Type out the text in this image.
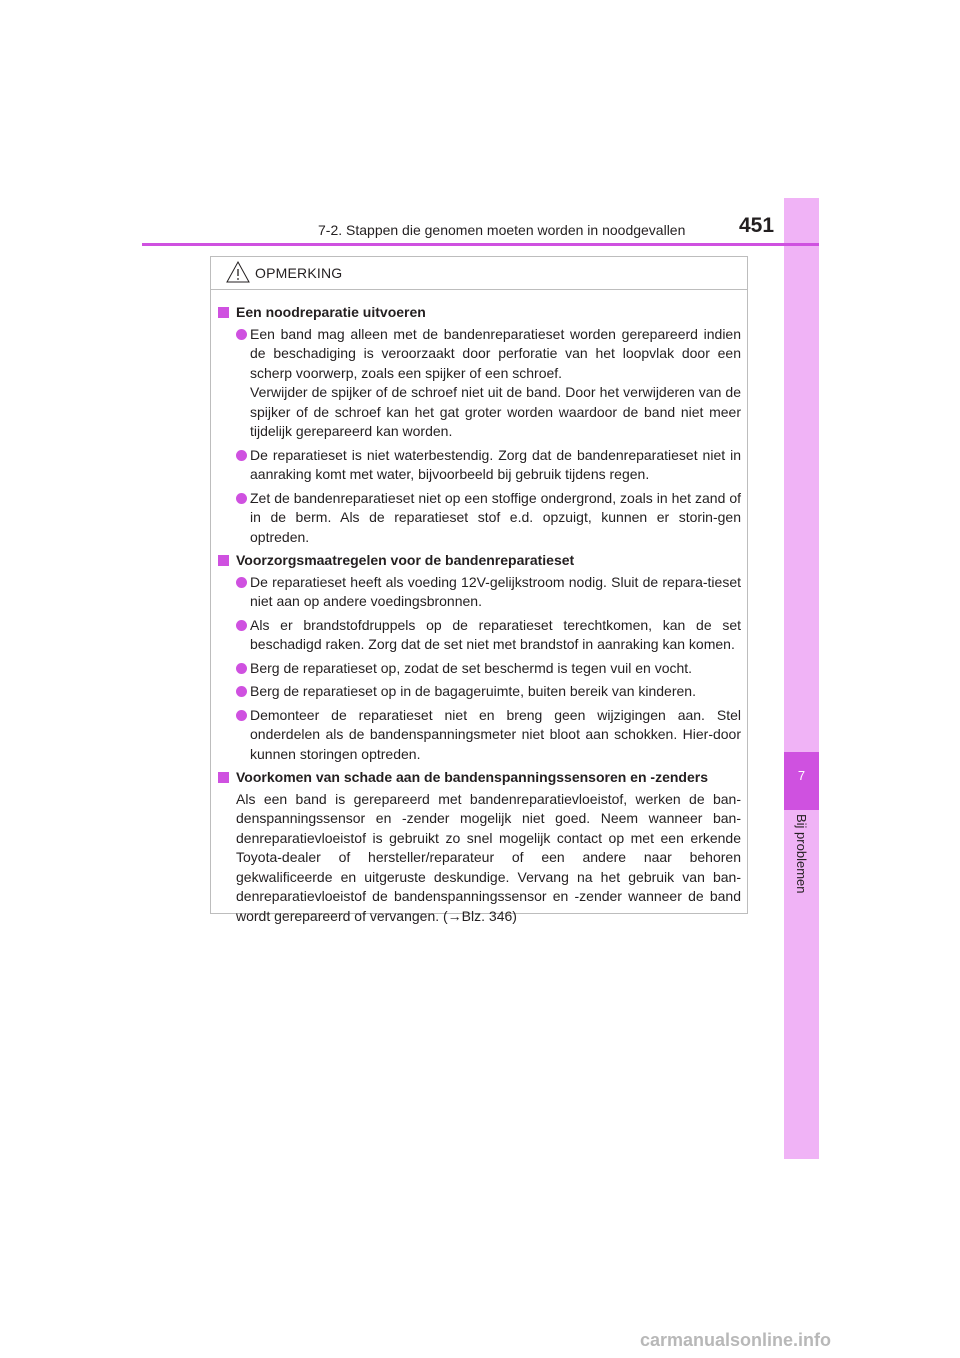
7
Bij problemen
7-2. Stappen die genomen moeten worden in noodgevallen	451
OPMERKING
Een noodreparatie uitvoeren
Een band mag alleen met de bandenreparatieset worden gerepareerd indien de beschadiging is veroorzaakt door perforatie van het loopvlak door een scherp voorwerp, zoals een spijker of een schroef.
Verwijder de spijker of de schroef niet uit de band. Door het verwijderen van de spijker of de schroef kan het gat groter worden waardoor de band niet meer tijdelijk gerepareerd kan worden.
De reparatieset is niet waterbestendig. Zorg dat de bandenreparatieset niet in aanraking komt met water, bijvoorbeeld bij gebruik tijdens regen.
Zet de bandenreparatieset niet op een stoffige ondergrond, zoals in het zand of in de berm. Als de reparatieset stof e.d. opzuigt, kunnen er storin-gen optreden.
Voorzorgsmaatregelen voor de bandenreparatieset
De reparatieset heeft als voeding 12V-gelijkstroom nodig. Sluit de repara-tieset niet aan op andere voedingsbronnen.
Als er brandstofdruppels op de reparatieset terechtkomen, kan de set beschadigd raken. Zorg dat de set niet met brandstof in aanraking kan komen.
Berg de reparatieset op, zodat de set beschermd is tegen vuil en vocht.
Berg de reparatieset op in de bagageruimte, buiten bereik van kinderen.
Demonteer de reparatieset niet en breng geen wijzigingen aan. Stel onderdelen als de bandenspanningsmeter niet bloot aan schokken. Hier-door kunnen storingen optreden.
Voorkomen van schade aan de bandenspanningssensoren en -zenders
Als een band is gerepareerd met bandenreparatievloeistof, werken de ban-denspanningssensor en -zender mogelijk niet goed. Neem wanneer ban-denreparatievloeistof is gebruikt zo snel mogelijk contact op met een erkende Toyota-dealer of hersteller/reparateur of een andere naar behoren gekwalificeerde en uitgeruste deskundige. Vervang na het gebruik van ban-denreparatievloeistof de bandenspanningssensor en -zender wanneer de band wordt gerepareerd of vervangen. (→Blz. 346)
carmanualsonline.info
